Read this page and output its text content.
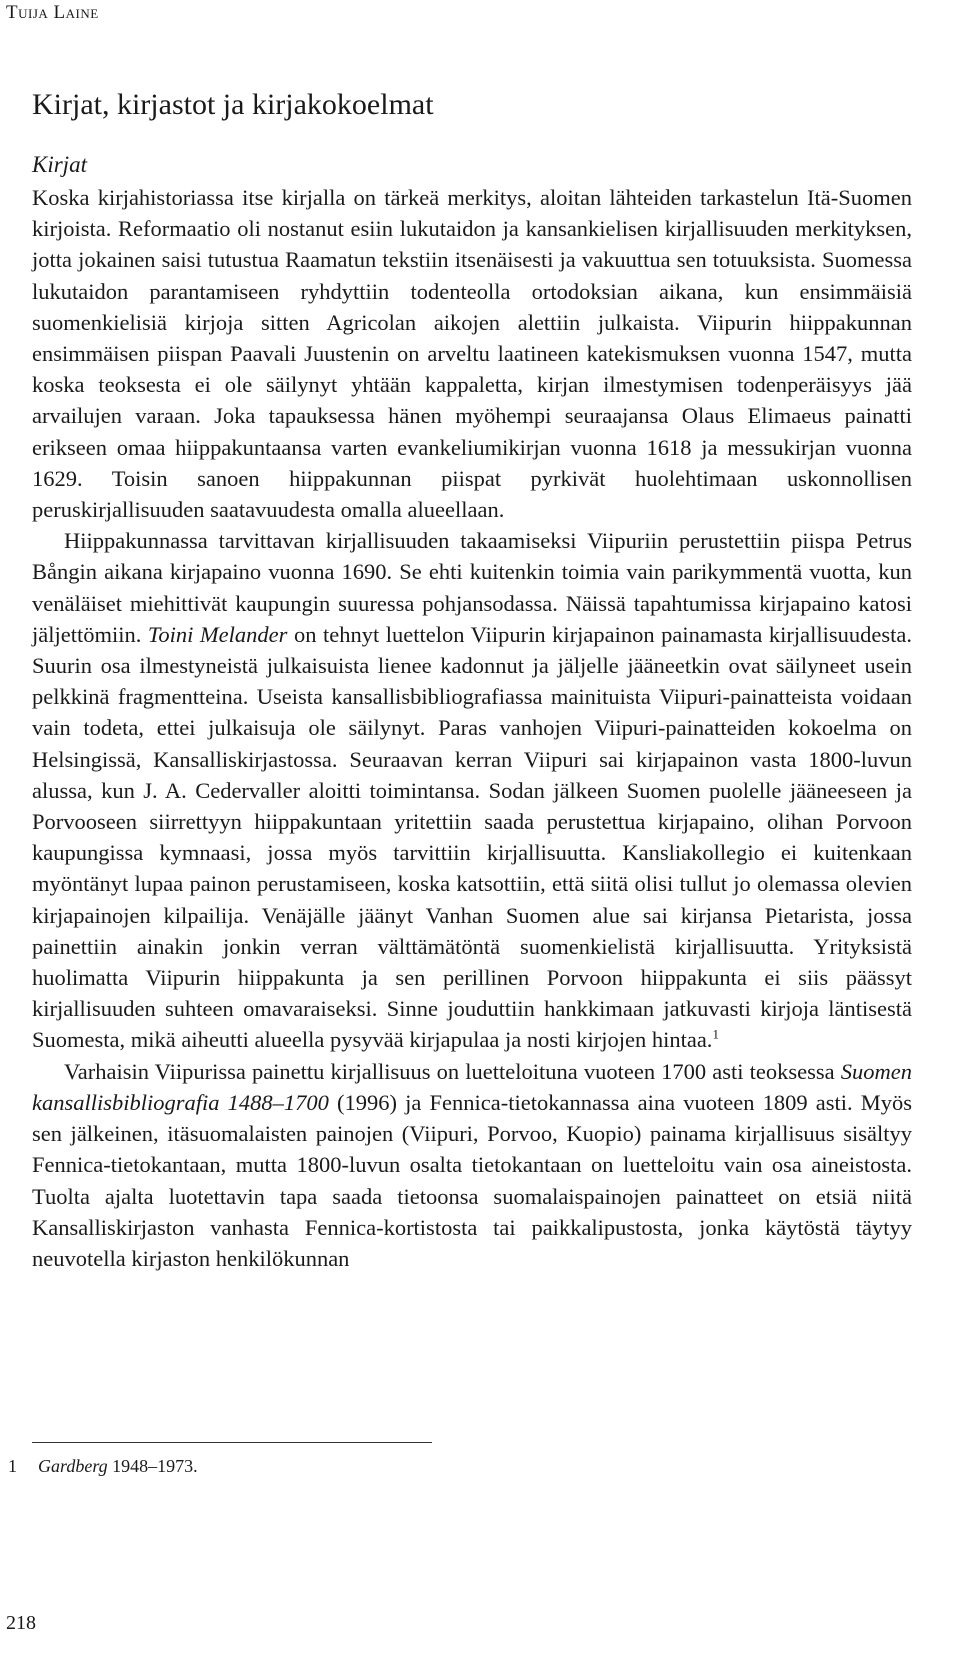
Tuija Laine
Kirjat, kirjastot ja kirjakokoelmat
Kirjat

Koska kirjahistoriassa itse kirjalla on tärkeä merkitys, aloitan lähteiden tarkastelun Itä-Suomen kirjoista. Reformaatio oli nostanut esiin lukutaidon ja kansankielisen kirjallisuuden merkityksen, jotta jokainen saisi tutustua Raamatun tekstiin itsenäisesti ja vakuuttua sen totuuksista. Suomessa lukutaidon parantamiseen ryhdyttiin todenteolla ortodoksian aikana, kun ensimmäisiä suomenkielisiä kirjoja sitten Agricolan aikojen alettiin julkaista. Viipurin hiippakunnan ensimmäisen piispan Paavali Juustenin on arveltu laatineen katekismuksen vuonna 1547, mutta koska teoksesta ei ole säilynyt yhtään kappaletta, kirjan ilmestymisen todenperäisyys jää arvailujen varaan. Joka tapauksessa hänen myöhempi seuraajansa Olaus Elimaeus painatti erikseen omaa hiippakuntaansa varten evankeliumikirjan vuonna 1618 ja messukirjan vuonna 1629. Toisin sanoen hiippakunnan piispat pyrkivät huolehtimaan uskonnollisen peruskirjallisuuden saatavuudesta omalla alueellaan.

Hiippakunnassa tarvittavan kirjallisuuden takaamiseksi Viipuriin perustettiin piispa Petrus Bångin aikana kirjapaino vuonna 1690. Se ehti kuitenkin toimia vain parikymmentä vuotta, kun venäläiset miehittivät kaupungin suuressa pohjansodassa. Näissä tapahtumissa kirjapaino katosi jäljettömiin. Toini Melander on tehnyt luettelon Viipurin kirjapainon painamasta kirjallisuudesta. Suurin osa ilmestyneistä julkaisuista lienee kadonnut ja jäljelle jääneetkin ovat säilyneet usein pelkkinä fragmentteina. Useista kansallisbibliografiassa mainituista Viipuri-painatteista voidaan vain todeta, ettei julkaisuja ole säilynyt. Paras vanhojen Viipuri-painatteiden kokoelma on Helsingissä, Kansalliskirjastossa. Seuraavan kerran Viipuri sai kirjapainon vasta 1800-luvun alussa, kun J. A. Cedervaller aloitti toimintansa. Sodan jälkeen Suomen puolelle jääneeseen ja Porvooseen siirrettyyn hiippakuntaan yritettiin saada perustettua kirjapaino, olihan Porvoon kaupungissa kymnaasi, jossa myös tarvittiin kirjallisuutta. Kansliakollegio ei kuitenkaan myöntänyt lupaa painon perustamiseen, koska katsottiin, että siitä olisi tullut jo olemassa olevien kirjapainojen kilpailija. Venäjälle jäänyt Vanhan Suomen alue sai kirjansa Pietarista, jossa painettiin ainakin jonkin verran välttämätöntä suomenkielistä kirjallisuutta. Yrityksistä huolimatta Viipurin hiippakunta ja sen perillinen Porvoon hiippakunta ei siis päässyt kirjallisuuden suhteen omavaraiseksi. Sinne jouduttiin hankkimaan jatkuvasti kirjoja läntisestä Suomesta, mikä aiheutti alueella pysyvää kirjapulaa ja nosti kirjojen hintaa.$^1$

Varhaisin Viipurissa painettu kirjallisuus on luetteloituna vuoteen 1700 asti teoksessa Suomen kansallisbibliografia 1488–1700 (1996) ja Fennica-tietokannassa aina vuoteen 1809 asti. Myös sen jälkeinen, itäsuomalaisten painojen (Viipuri, Porvoo, Kuopio) painama kirjallisuus sisältyy Fennica-tietokantaan, mutta 1800-luvun osalta tietokantaan on luetteloitu vain osa aineistosta. Tuolta ajalta luotettavin tapa saada tietoonsa suomalaispainojen painatteet on etsiä niitä Kansalliskirjaston vanhasta Fennica-kortistosta tai paikkalipustosta, jonka käytöstä täytyy neuvotella kirjaston henkilökunnan

1 Gardberg 1948–1973.
218
